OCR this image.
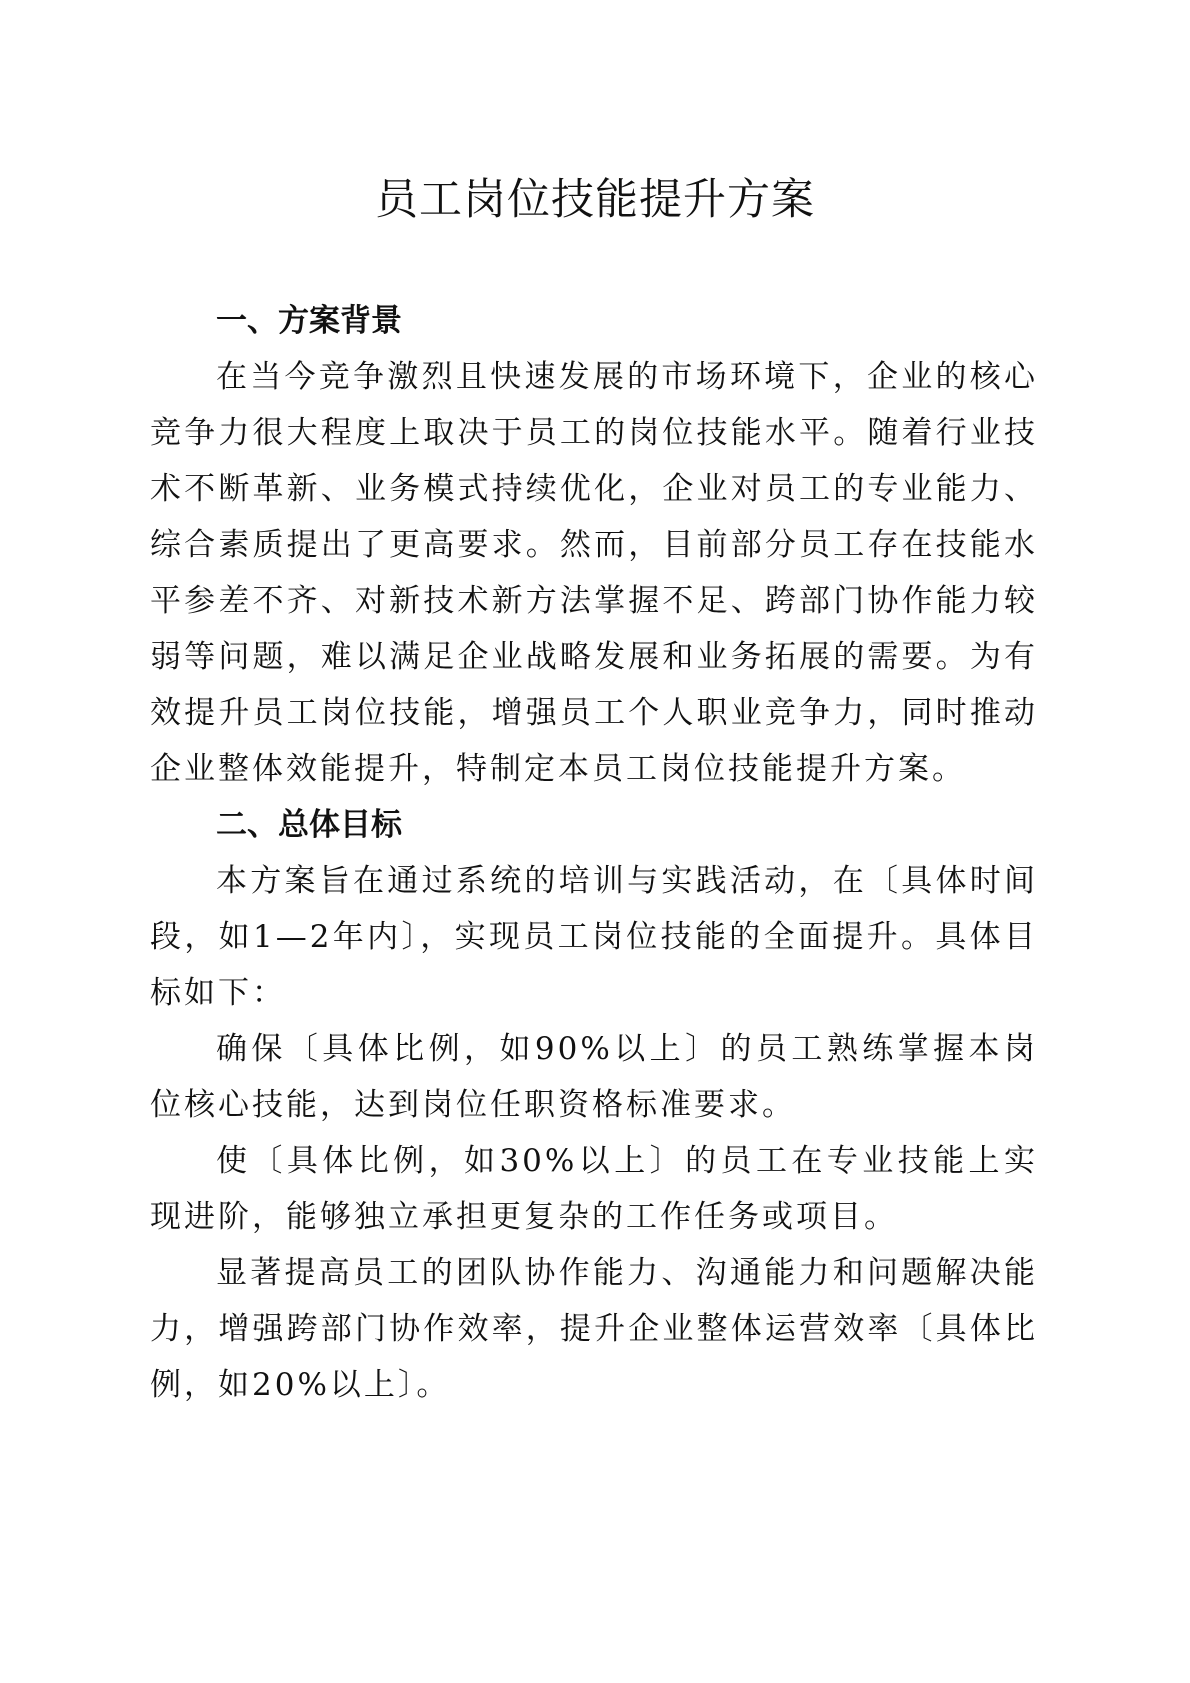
员工岗位技能提升方案
一、方案背景

在当今竞争激烈且快速发展的市场环境下，企业的核心竞争力很大程度上取决于员工的岗位技能水平。随着行业技术不断革新、业务模式持续优化，企业对员工的专业能力、综合素质提出了更高要求。然而，目前部分员工存在技能水平参差不齐、对新技术新方法掌握不足、跨部门协作能力较弱等问题，难以满足企业战略发展和业务拓展的需要。为有效提升员工岗位技能，增强员工个人职业竞争力，同时推动企业整体效能提升，特制定本员工岗位技能提升方案。

二、总体目标

本方案旨在通过系统的培训与实践活动，在〔具体时间段，如1—2年内〕，实现员工岗位技能的全面提升。具体目标如下：

确保〔具体比例，如90%以上〕的员工熟练掌握本岗位核心技能，达到岗位任职资格标准要求。

使〔具体比例，如30%以上〕的员工在专业技能上实现进阶，能够独立承担更复杂的工作任务或项目。

显著提高员工的团队协作能力、沟通能力和问题解决能力，增强跨部门协作效率，提升企业整体运营效率〔具体比例，如20%以上〕。
